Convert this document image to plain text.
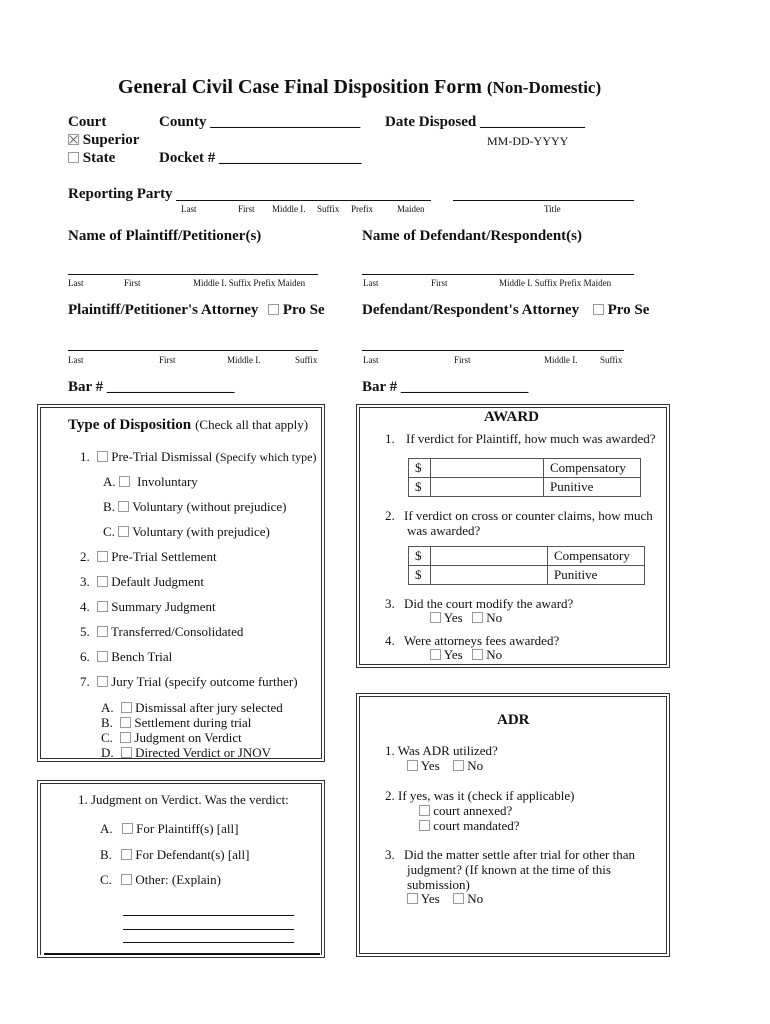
General Civil Case Final Disposition Form (Non-Domestic)
Court
Superior
State
County ____________________
Docket # ___________________
Date Disposed ______________
MM-DD-YYYY
Reporting Party
Last	First Middle I. Suffix Prefix	Maiden	Title
Name of Plaintiff/Petitioner(s)	Name of Defendant/Respondent(s)
Last	First	Middle I. Suffix Prefix Maiden	Last	First	Middle I. Suffix Prefix Maiden
Plaintiff/Petitioner's Attorney Pro Se Defendant/Respondent's Attorney Pro Se
Last	First	Middle I.	Suffix	Last	First	Middle I.	Suffix
Bar # _________________	Bar # _________________
Type of Disposition (Check all that apply)
1. Pre-Trial Dismissal (Specify which type)
A. Involuntary
B. Voluntary (without prejudice)
C. Voluntary (with prejudice)
2. Pre-Trial Settlement
3. Default Judgment
4. Summary Judgment
5. Transferred/Consolidated
6. Bench Trial
7. Jury Trial (specify outcome further)
A. Dismissal after jury selected
B. Settlement during trial
C. Judgment on Verdict
D. Directed Verdict or JNOV
1. Judgment on Verdict. Was the verdict:
A. For Plaintiff(s) [all]
B. For Defendant(s) [all]
C. Other: (Explain)
AWARD
1. If verdict for Plaintiff, how much was awarded?
$		Compensatory
$		Punitive
2. If verdict on cross or counter claims, how much
was awarded?
$		Compensatory
$		Punitive
3. Did the court modify the award?
Yes No
4. Were attorneys fees awarded?
Yes No
ADR
1. Was ADR utilized?
Yes No
2. If yes, was it (check if applicable)
court annexed?
court mandated?
3. Did the matter settle after trial for other than
judgment? (If known at the time of this
submission)
Yes No
